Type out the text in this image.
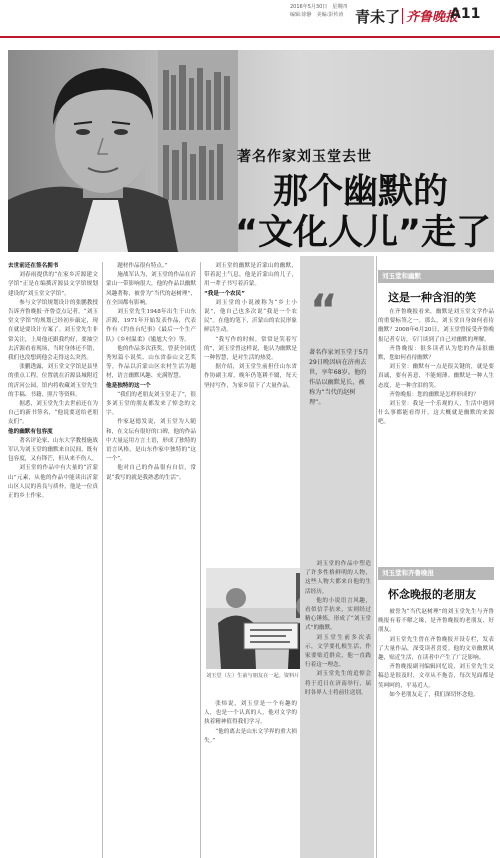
2016年5月30日　星期四
编辑:徐静　美编:彭传涛 青未了 齐鲁晚报
A11
著名作家刘玉堂去世
那个幽默的
“文化人儿”走了
去世前还在签名拥书

刘春雨提供的“在家乡沂源建文学馆”正是在编撰沂源县文学馆规划建设的“刘玉堂文学馆”。

参与文学馆规划设计的张鹏教授告诉齐鲁晚报·齐鲁壹点记者，“刘玉堂文学馆”的规划已经初步敲定，现在就是要设计方案了。刘玉堂先生非常关注，上周他还跟我约好，要抽空去沂源看看现场，当时身体还不错，我们也没想到他会走得这么突然。

张鹏透露，刘玉堂文学馆是县里的重点工程，位置就在沂源县城附近的沂河公园，馆内将收藏刘玉堂先生的手稿、书籍、照片等资料。

据悉，刘玉堂先生去世前还在为自己的新书签名，“他说要送给老朋友们”。

他的幽默有包容度

著名评论家、山东大学教授施战军认为刘玉堂的幽默来自民间，既有包容度，又有锋芒，但从来不伤人。

刘玉堂的作品中有大量的“沂蒙山”元素，从他的作品中能读出沂蒙山区人民的善良与质朴，他是一位真正的乡土作家。

题材作品很有特点。”

施战军认为，刘玉堂的作品在沂蒙山一带影响很大，他的作品以幽默风趣著称，被誉为“当代的赵树理”，在全国都有影响。

刘玉堂先生1948年出生于山东沂源，1971年开始发表作品，代表作有《钓鱼台纪事》《最后一个生产队》《乡村温柔》《尴尬大全》等。

他的作品多次获奖，曾获全国优秀短篇小说奖、山东省泰山文艺奖等，作品以沂蒙山区农村生活为题材，语言幽默风趣、充满智慧。

他是独特的这一个

“我们的老朋友刘玉堂走了”，很多刘玉堂的朋友都发来了悼念的文字。

作家赵德发说，刘玉堂为人随和，在文坛有很好的口碑，他的作品中大量运用方言土语，形成了独特的语言风格，是山东作家中独特的“这一个”。

他对自己的作品很有自信，常说“我写的就是我熟悉的生活”。

刘玉堂的幽默是沂蒙山的幽默，带着泥土气息，他是沂蒙山的儿子，用一辈子书写着沂蒙。

“我是一个农民”

刘玉堂的小说被称为“乡土小说”，他自己也多次说“我是一个农民”。在他的笔下，沂蒙山的农民形象鲜活生动。

“我写作的时候，常常是笑着写的”，刘玉堂曾这样说，他认为幽默是一种智慧，是对生活的热爱。

据介绍，刘玉堂生前担任山东省作协副主席，晚年仍笔耕不辍，每天坚持写作，为家乡留下了大量作品。

刘玉堂（左）生前与朋友在一起。资料片

张炜说，刘玉堂是一个有趣的人，也是一个认真的人，他对文学的执着精神值得我们学习。

“他的离去是山东文学界的重大损失。”

“
著名作家刘玉堂于5月29日晚因病在济南去世，享年68岁。他的作品以幽默见长，被称为“当代的赵树理”。

刘玉堂的作品中塑造了许多性格鲜明的人物，这些人物大都来自他的生活经历。

他的小说语言风趣，看似信手拈来，实则经过精心锤炼，形成了“刘玉堂式”的幽默。

刘玉堂生前多次表示，文学要扎根生活，作家要贴近群众，他一直践行着这一理念。

刘玉堂先生的追悼会将于近日在济南举行，届时各界人士将前往送别。

刘玉堂和幽默
这是一种含泪的笑

在齐鲁晚报看来，幽默是刘玉堂文学作品的重要标签之一。那么，刘玉堂自身如何看待幽默？2008年6月20日，刘玉堂曾接受齐鲁晚报记者专访，专门谈到了自己对幽默的理解。

齐鲁晚报：很多读者认为您的作品很幽默，您如何看待幽默？

刘玉堂：幽默有一点是很关键的，就是要真诚，要有善意，不能刻薄。幽默是一种人生态度，是一种含泪的笑。

齐鲁晚报：您的幽默是怎样形成的？

刘玉堂：我是一个乐观的人，生活中遇到什么事都能看得开，这大概就是幽默的来源吧。

刘玉堂和齐鲁晚报
怀念晚报的老朋友

被誉为“当代赵树理”的刘玉堂先生与齐鲁晚报有着不解之缘，是齐鲁晚报的老朋友、好朋友。

刘玉堂先生曾在齐鲁晚报开设专栏，发表了大量作品，深受读者喜爱。他的文章幽默风趣，贴近生活，在读者中产生了广泛影响。

齐鲁晚报副刊编辑回忆说，刘玉堂先生交稿总是很及时，文章从不拖沓，每次见面都是笑呵呵的，平易近人。

如今老朋友走了，我们深切怀念他。
